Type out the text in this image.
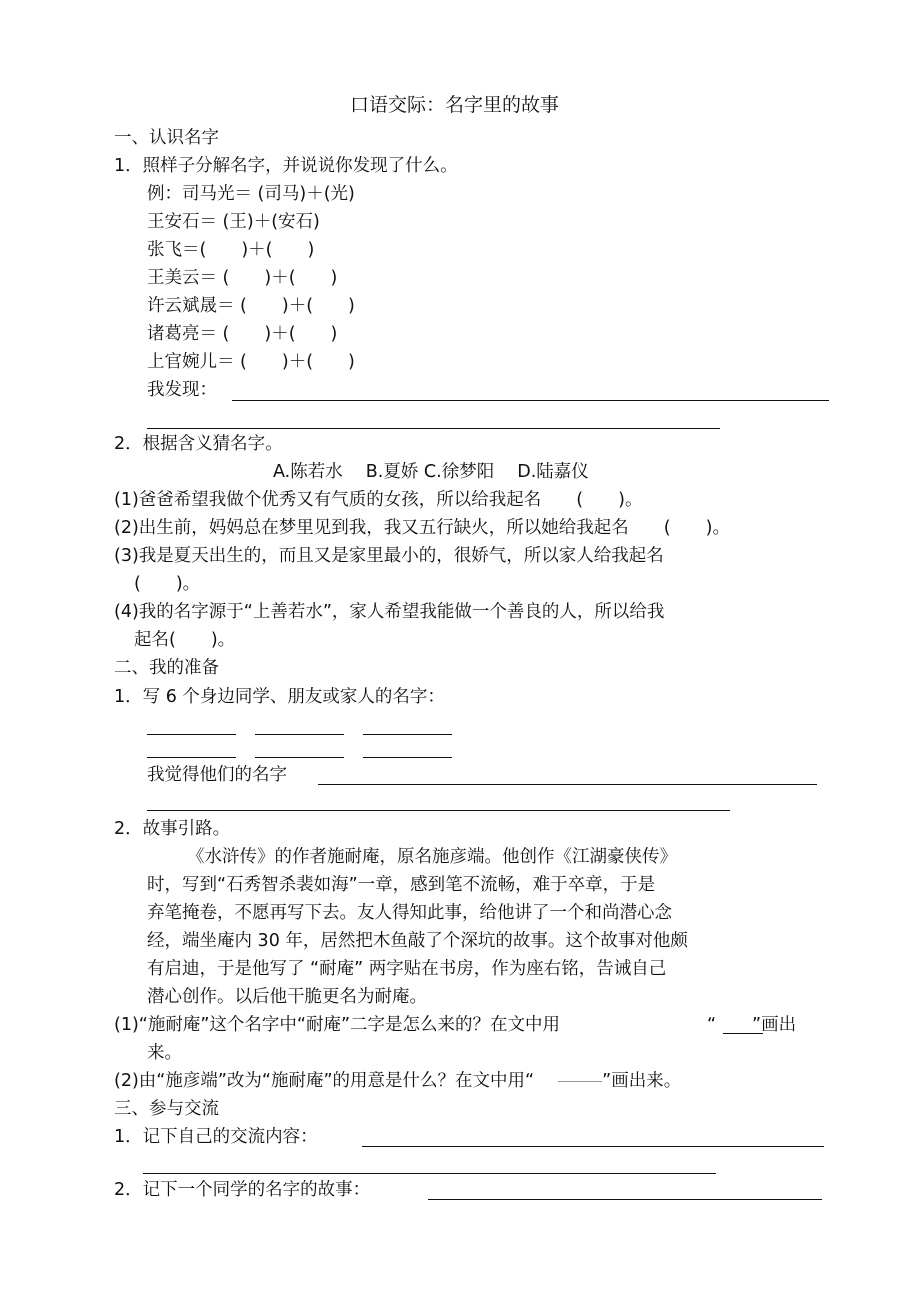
口语交际：名字里的故事
一、认识名字
1．照样子分解名字，并说说你发现了什么。
例：司马光＝ (司马)＋(光)
王安石＝ (王)＋(安石)
张飞＝(　　)＋(　　)
王美云＝ (　　)＋(　　)
许云斌晟＝ (　　)＋(　　)
诸葛亮＝ (　　)＋(　　)
上官婉儿＝ (　　)＋(　　)
我发现：
2．根据含义猜名字。
A.陈若水　 B.夏娇 C.徐梦阳　 D.陆嘉仪
(1)爸爸希望我做个优秀又有气质的女孩，所以给我起名　　(　　)。
(2)出生前，妈妈总在梦里见到我，我又五行缺火，所以她给我起名　　(　　)。
(3)我是夏天出生的，而且又是家里最小的，很娇气，所以家人给我起名
(　　)。
(4)我的名字源于“上善若水”，家人希望我能做一个善良的人，所以给我
起名(　　)。
二、我的准备
1．写 6 个身边同学、朋友或家人的名字：
我觉得他们的名字
2．故事引路。
《水浒传》的作者施耐庵，原名施彦端。他创作《江湖豪侠传》
时，写到“石秀智杀裴如海”一章，感到笔不流畅，难于卒章，于是
弃笔掩卷，不愿再写下去。友人得知此事，给他讲了一个和尚潜心念
经，端坐庵内 30 年，居然把木鱼敲了个深坑的故事。这个故事对他颇
有启迪，于是他写了 “耐庵” 两字贴在书房，作为座右铭，告诫自己
潜心创作。以后他干脆更名为耐庵。
(1)“施耐庵”这个名字中“耐庵”二字是怎么来的？在文中用	“ ”画出
来。
(2)由“施彦端”改为“施耐庵”的用意是什么？在文中用“	”画出来。
三、参与交流
1．记下自己的交流内容：
2．记下一个同学的名字的故事：
